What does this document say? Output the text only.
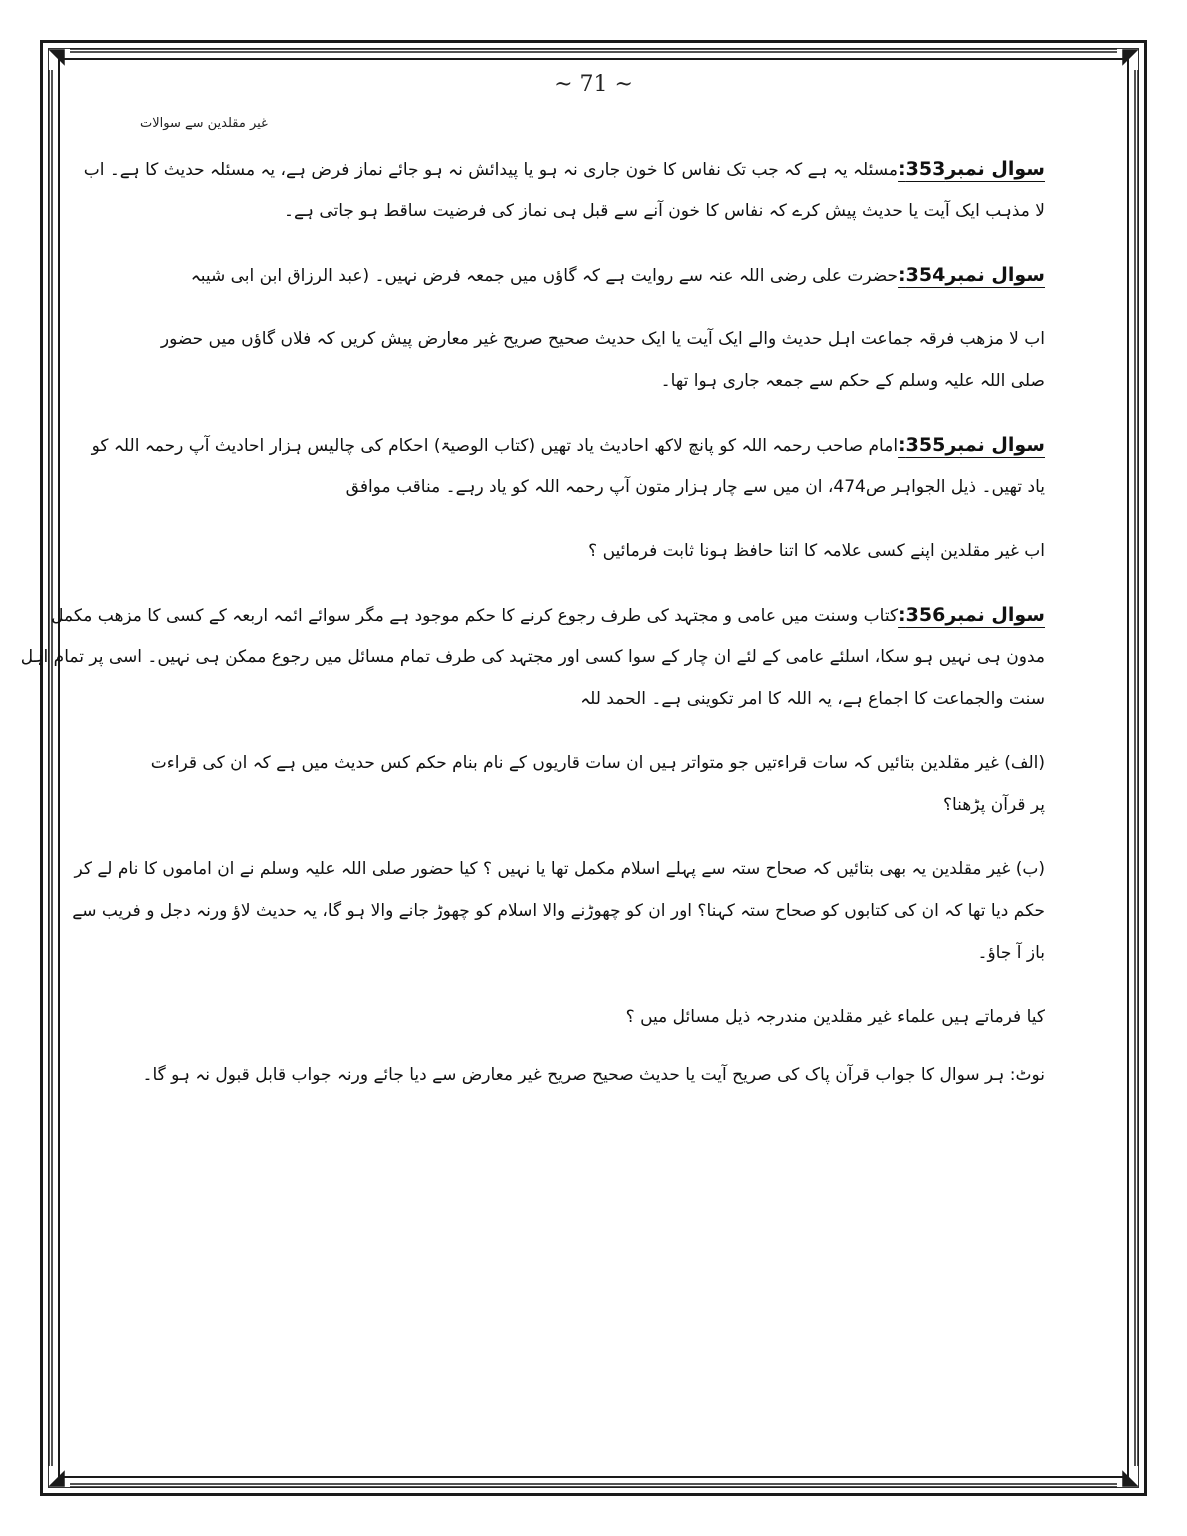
~ 71 ~
غیر مقلدین سے سوالات
سوال نمبر353:مسئلہ یہ ہے کہ جب تک نفاس کا خون جاری نہ ہو یا پیدائش نہ ہو جائے نماز فرض ہے، یہ مسئلہ حدیث کا ہے۔ اب
لا مذہب ایک آیت یا حدیث پیش کرے کہ نفاس کا خون آنے سے قبل ہی نماز کی فرضیت ساقط ہو جاتی ہے۔
سوال نمبر354:حضرت علی رضی اللہ عنہ سے روایت ہے کہ گاؤں میں جمعہ فرض نہیں۔ (عبد الرزاق ابن ابی شیبہ
اب لا مزھب فرقہ جماعت اہل حدیث والے ایک آیت یا ایک حدیث صحیح صریح غیر معارض پیش کریں کہ فلاں گاؤں میں حضور
صلی اللہ علیہ وسلم کے حکم سے جمعہ جاری ہوا تھا۔
سوال نمبر355:امام صاحب رحمہ اللہ کو پانچ لاکھ احادیث یاد تھیں (کتاب الوصیۃ) احکام کی چالیس ہزار احادیث آپ رحمہ اللہ کو
یاد تھیں۔ ذیل الجواہر ص474، ان میں سے چار ہزار متون آپ رحمہ اللہ کو یاد رہے۔ مناقب موافق
اب غیر مقلدین اپنے کسی علامہ کا اتنا حافظ ہونا ثابت فرمائیں ؟
سوال نمبر356:کتاب وسنت میں عامی و مجتہد کی طرف رجوع کرنے کا حکم موجود ہے مگر سوائے ائمہ اربعہ کے کسی کا مزھب مکمل
مدون ہی نہیں ہو سکا، اسلئے عامی کے لئے ان چار کے سوا کسی اور مجتہد کی طرف تمام مسائل میں رجوع ممکن ہی نہیں۔ اسی پر تمام اہل
سنت والجماعت کا اجماع ہے، یہ اللہ کا امر تکوینی ہے۔ الحمد للہ
(الف) غیر مقلدین بتائیں کہ سات قراءتیں جو متواتر ہیں ان سات قاریوں کے نام بنام حکم کس حدیث میں ہے کہ ان کی قراءت
پر قرآن پڑھنا؟
(ب) غیر مقلدین یہ بھی بتائیں کہ صحاح ستہ سے پہلے اسلام مکمل تھا یا نہیں ؟ کیا حضور صلی اللہ علیہ وسلم نے ان اماموں کا نام لے کر
حکم دیا تھا کہ ان کی کتابوں کو صحاح ستہ کہنا؟ اور ان کو چھوڑنے والا اسلام کو چھوڑ جانے والا ہو گا، یہ حدیث لاؤ ورنہ دجل و فریب سے
باز آ جاؤ۔
کیا فرماتے ہیں علماء غیر مقلدین مندرجہ ذیل مسائل میں ؟
نوٹ: ہر سوال کا جواب قرآن پاک کی صریح آیت یا حدیث صحیح صریح غیر معارض سے دیا جائے ورنہ جواب قابل قبول نہ ہو گا۔
